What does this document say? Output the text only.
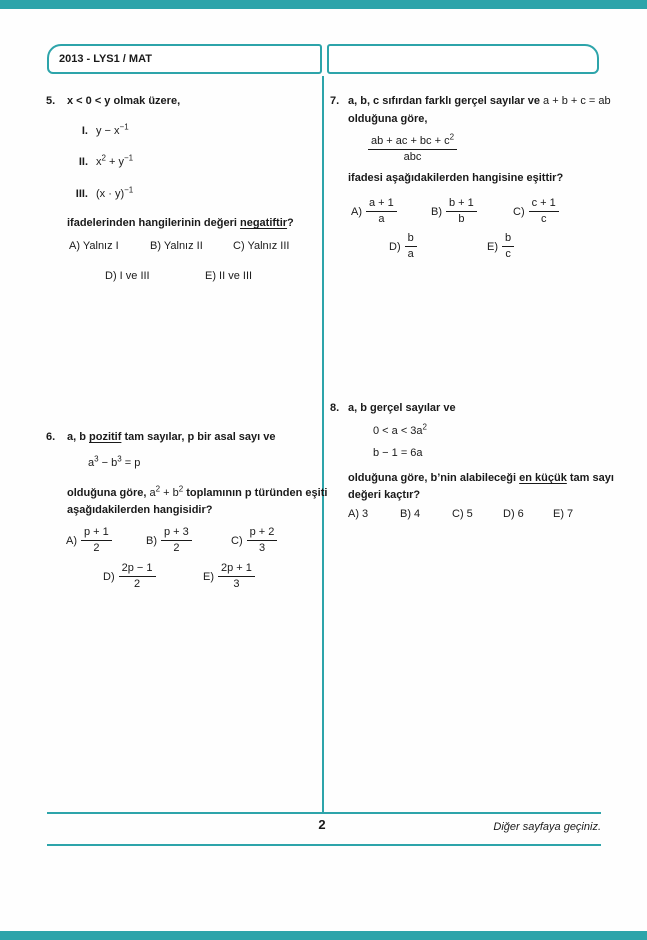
2013 - LYS1 / MAT
5. x < 0 < y olmak üzere,
I. $y - x^{-1}$
II. $x^2 + y^{-1}$
III. $(x \cdot y)^{-1}$
ifadelerinden hangilerinin değeri negatiftir?
A) Yalnız I	B) Yalnız II	C) Yalnız III
D) I ve III	E) II ve III
6. a, b pozitif tam sayılar, p bir asal sayı ve
$a^3 - b^3 = p$
olduğuna göre, $a^2 + b^2$ toplamının p türünden eşiti
aşağıdakilerden hangisidir?
$A) \frac{p + 1}{2}$	$B) \frac{p + 3}{2}$	$C) \frac{p + 2}{3}$
$D) \frac{2p - 1}{2}$	$E) \frac{2p + 1}{3}$
7. a, b, c sıfırdan farklı gerçel sayılar ve a + b + c = ab
olduğuna göre,
$\frac{ab + ac + bc + c^2}{\text{abc}}$
ifadesi aşağıdakilerden hangisine eşittir?
$A) \frac{a + 1}{a}$	$B) \frac{b + 1}{b}$	$C) \frac{c + 1}{c}$
$D) \frac{b}{a}$	$E) \frac{b}{c}$
8. a, b gerçel sayılar ve
$0 < a < 3a^2$
b − 1 = 6a
olduğuna göre, b’nin alabileceği en küçük tam sayı
değeri kaçtır?
A) 3	B) 4	C) 5	D) 6	E) 7
2	Diğer sayfaya geçiniz.
